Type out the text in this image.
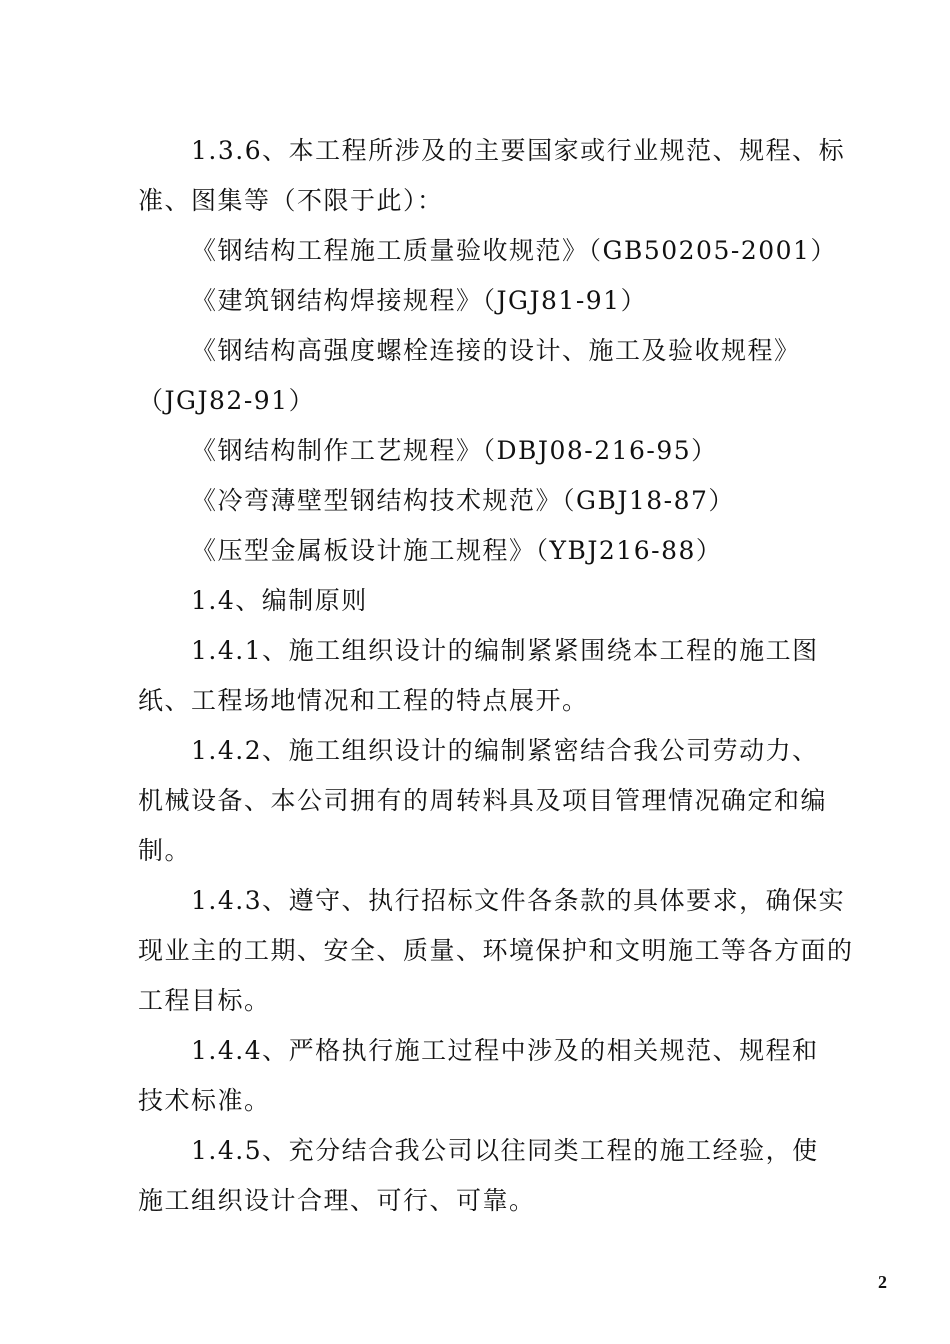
1.3.6、本工程所涉及的主要国家或行业规范、规程、标
准、图集等（不限于此）：
《钢结构工程施工质量验收规范》（GB50205-2001）
《建筑钢结构焊接规程》（JGJ81-91）
《钢结构高强度螺栓连接的设计、施工及验收规程》
（JGJ82-91）
《钢结构制作工艺规程》（DBJ08-216-95）
《冷弯薄壁型钢结构技术规范》（GBJ18-87）
《压型金属板设计施工规程》（YBJ216-88）
1.4、编制原则
1.4.1、施工组织设计的编制紧紧围绕本工程的施工图
纸、工程场地情况和工程的特点展开。
1.4.2、施工组织设计的编制紧密结合我公司劳动力、
机械设备、本公司拥有的周转料具及项目管理情况确定和编
制。
1.4.3、遵守、执行招标文件各条款的具体要求，确保实
现业主的工期、安全、质量、环境保护和文明施工等各方面的
工程目标。
1.4.4、严格执行施工过程中涉及的相关规范、规程和
技术标准。
1.4.5、充分结合我公司以往同类工程的施工经验，使
施工组织设计合理、可行、可靠。
2
